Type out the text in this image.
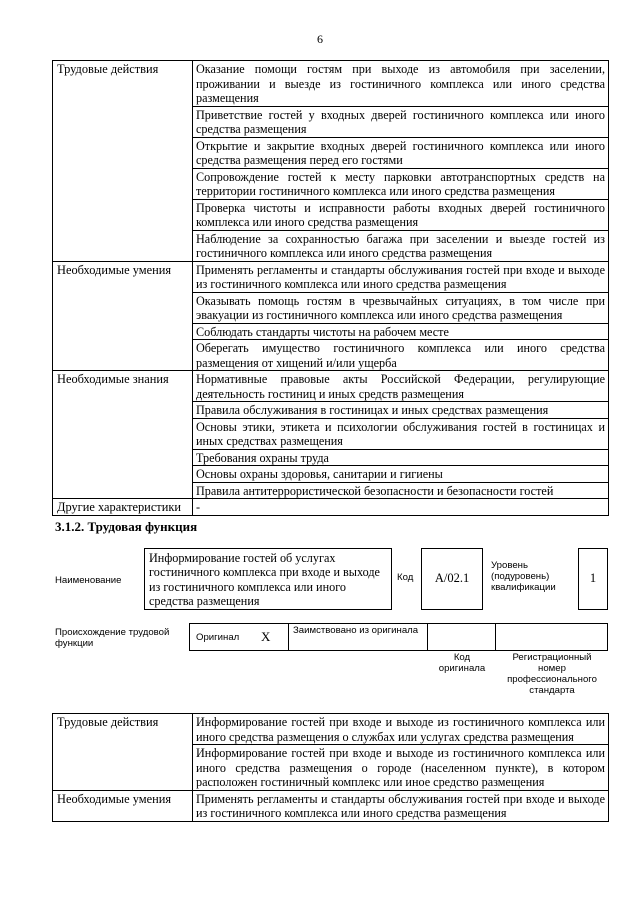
6
Трудовые действия	Оказание помощи гостям при выходе из автомобиля при заселении, проживании и выезде из гостиничного комплекса или иного средства размещения
	Приветствие гостей у входных дверей гостиничного комплекса или иного средства размещения
	Открытие и закрытие входных дверей гостиничного комплекса или иного средства размещения перед его гостями
	Сопровождение гостей к месту парковки автотранспортных средств на территории гостиничного комплекса или иного средства размещения
	Проверка чистоты и исправности работы входных дверей гостиничного комплекса или иного средства размещения
	Наблюдение за сохранностью багажа при заселении и выезде гостей из гостиничного комплекса или иного средства размещения
Необходимые умения	Применять регламенты и стандарты обслуживания гостей при входе и выходе из гостиничного комплекса или иного средства размещения
	Оказывать помощь гостям в чрезвычайных ситуациях, в том числе при эвакуации из гостиничного комплекса или иного средства размещения
	Соблюдать стандарты чистоты на рабочем месте
	Оберегать имущество гостиничного комплекса или иного средства размещения от хищений и/или ущерба
Необходимые знания	Нормативные правовые акты Российской Федерации, регулирующие деятельность гостиниц и иных средств размещения
	Правила обслуживания в гостиницах и иных средствах размещения
	Основы этики, этикета и психологии обслуживания гостей в гостиницах и иных средствах размещения
	Требования охраны труда
	Основы охраны здоровья, санитарии и гигиены
	Правила антитеррористической безопасности и безопасности гостей
Другие характеристики	-
3.1.2. Трудовая функция
Наименование
Информирование гостей об услугах гостиничного комплекса при входе и выходе из гостиничного комплекса или иного средства размещения
Код	A/02.1
Уровень (подуровень) квалификации
1
Происхождение трудовой функции
Оригинал X Заимствовано из оригинала
Код оригинала
Регистрационный номер профессионального стандарта
Трудовые действия	Информирование гостей при входе и выходе из гостиничного комплекса или иного средства размещения о службах или услугах средства размещения
	Информирование гостей при входе и выходе из гостиничного комплекса или иного средства размещения о городе (населенном пункте), в котором расположен гостиничный комплекс или иное средство размещения
Необходимые умения	Применять регламенты и стандарты обслуживания гостей при входе и выходе из гостиничного комплекса или иного средства размещения
